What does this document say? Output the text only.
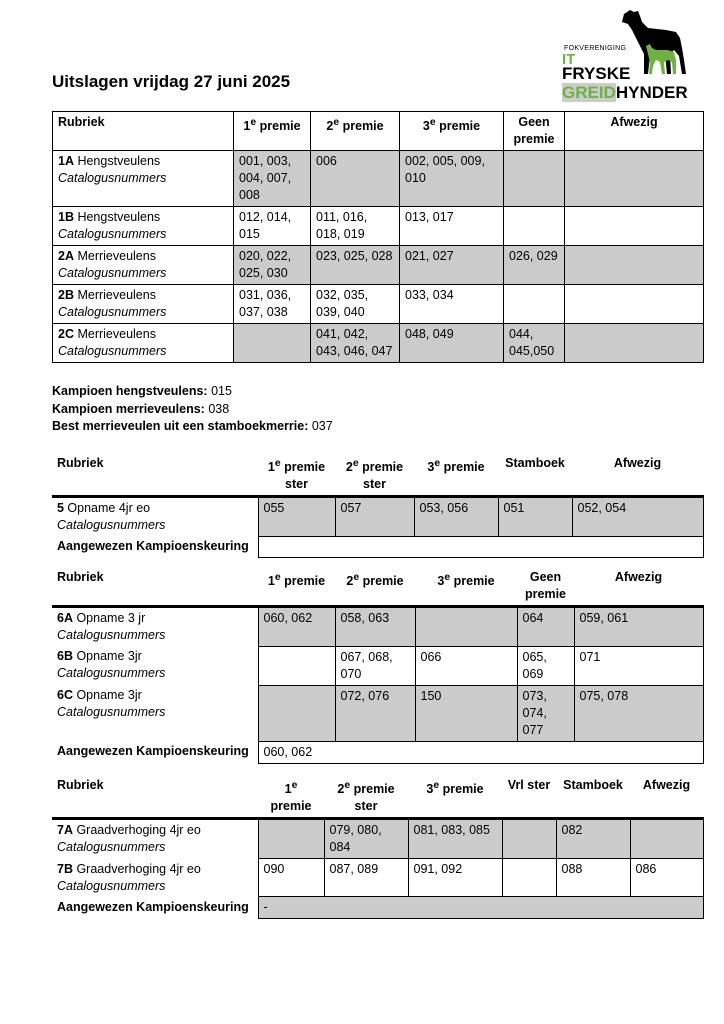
FOKVERENIGING
IT
FRYSKE
GREIDHYNDER
Uitslagen vrijdag 27 juni 2025
Rubriek	1e premie	2e premie	3e premie	Geen premie	Afwezig
1A Hengstveulens
Catalogusnummers	001, 003, 004, 007, 008	006	002, 005, 009, 010		
1B Hengstveulens
Catalogusnummers	012, 014, 015	011, 016, 018, 019	013, 017		
2A Merrieveulens
Catalogusnummers	020, 022, 025, 030	023, 025, 028	021, 027	026, 029	
2B Merrieveulens
Catalogusnummers	031, 036, 037, 038	032, 035, 039, 040	033, 034		
2C Merrieveulens
Catalogusnummers		041, 042, 043, 046, 047	048, 049	044, 045,050	
Kampioen hengstveulens: 015
Kampioen merrieveulens: 038
Best merrieveulen uit een stamboekmerrie: 037
Rubriek	1e premie ster	2e premie ster	3e premie	Stamboek	Afwezig
5 Opname 4jr eo
Catalogusnummers	055	057	053, 056	051	052, 054
Aangewezen Kampioenskeuring					
Rubriek	1e premie	2e premie	3e premie	Geen premie	Afwezig
6A Opname 3 jr
Catalogusnummers	060, 062	058, 063		064	059, 061
6B Opname 3jr
Catalogusnummers		067, 068, 070	066	065, 069	071
6C Opname 3jr
Catalogusnummers		072, 076	150	073, 074, 077	075, 078
Aangewezen Kampioenskeuring	060, 062				
Rubriek	1e premie	2e premie ster	3e premie	Vrl ster	Stamboek	Afwezig
7A Graadverhoging 4jr eo
Catalogusnummers		079, 080, 084	081, 083, 085		082	
7B Graadverhoging 4jr eo
Catalogusnummers	090	087, 089	091, 092		088	086
Aangewezen Kampioenskeuring	-					
